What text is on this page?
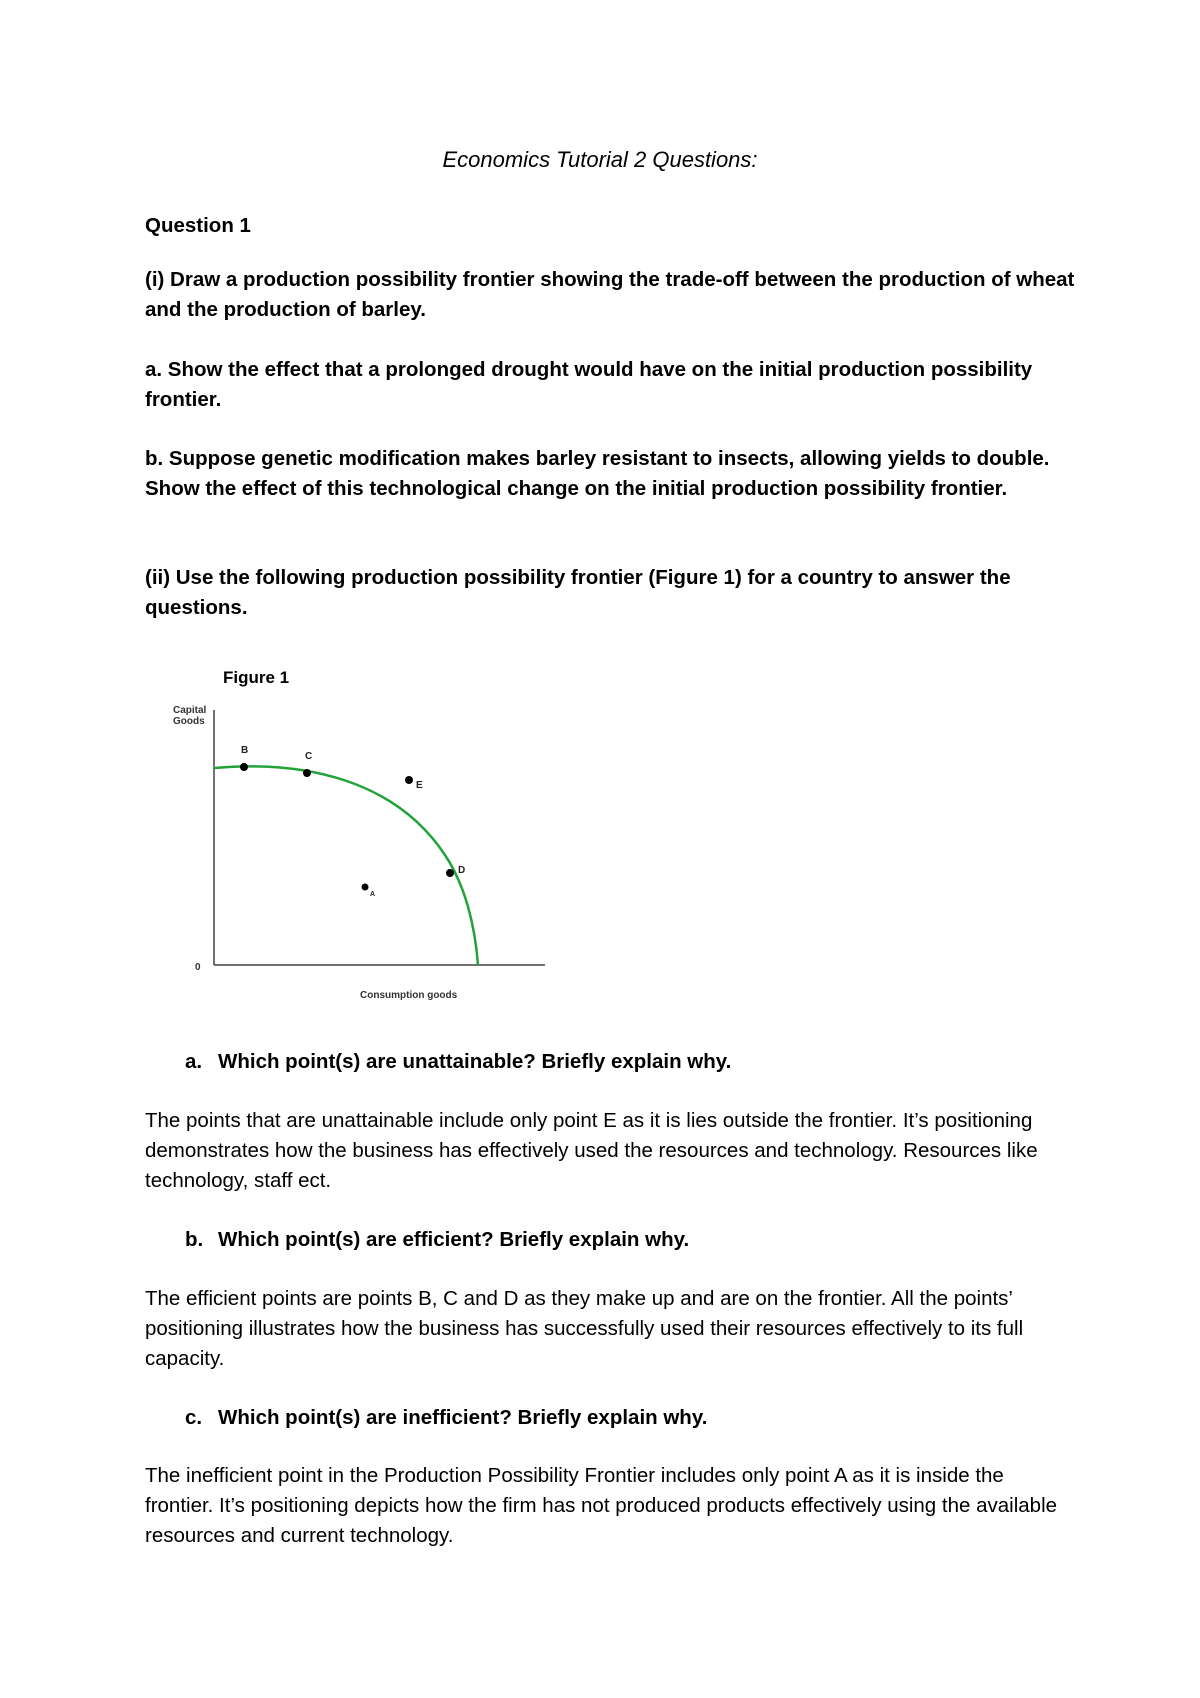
Economics Tutorial 2 Questions:
Question 1
(i) Draw a production possibility frontier showing the trade-off between the production of wheat and the production of barley.
a. Show the effect that a prolonged drought would have on the initial production possibility frontier.
b. Suppose genetic modification makes barley resistant to insects, allowing yields to double. Show the effect of this technological change on the initial production possibility frontier.
(ii) Use the following production possibility frontier (Figure 1) for a country to answer the questions.
Figure 1
Capital
Goods
Consumption goods
0
B
C
E
D
A
a. Which point(s) are unattainable? Briefly explain why.
The points that are unattainable include only point E as it is lies outside the frontier. It’s positioning demonstrates how the business has effectively used the resources and technology. Resources like technology, staff ect.
b. Which point(s) are efficient? Briefly explain why.
The efficient points are points B, C and D as they make up and are on the frontier. All the points’ positioning illustrates how the business has successfully used their resources effectively to its full capacity.
c. Which point(s) are inefficient? Briefly explain why.
The inefficient point in the Production Possibility Frontier includes only point A as it is inside the frontier. It’s positioning depicts how the firm has not produced products effectively using the available resources and current technology.
